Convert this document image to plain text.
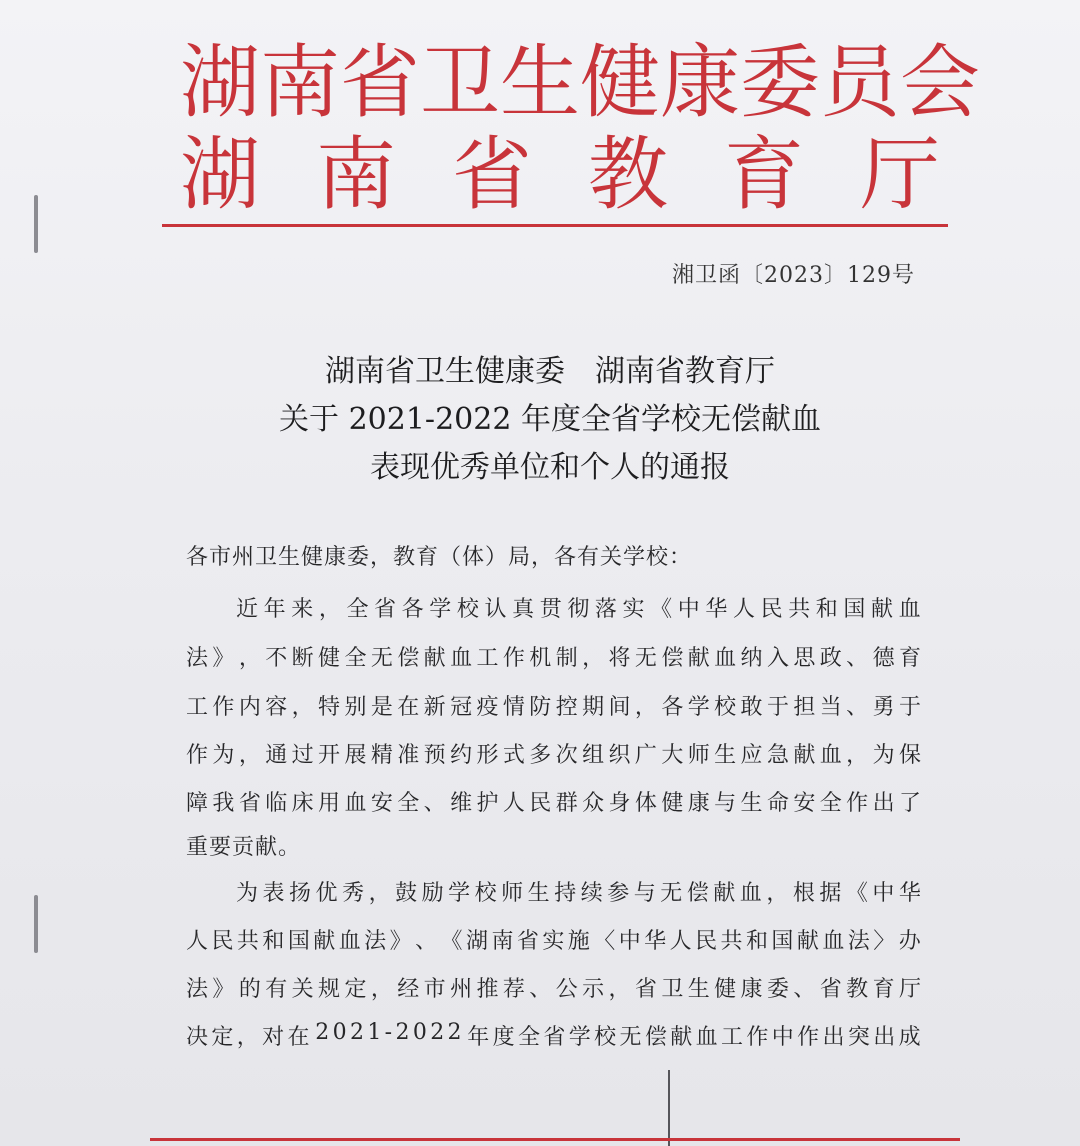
湖 南 省 卫 生 健 康 委 员 会
湖 南 省 教 育 厅
湘卫函〔2023〕129号
湖南省卫生健康委　湖南省教育厅
关于 2021-2022 年度全省学校无偿献血
表现优秀单位和个人的通报
各市州卫生健康委，教育（体）局，各有关学校：
近 年 来 ， 全 省 各 学 校 认 真 贯 彻 落 实 《 中 华 人 民 共 和 国 献 血
法 》 ， 不 断 健 全 无 偿 献 血 工 作 机 制 ， 将 无 偿 献 血 纳 入 思 政 、 德 育
工 作 内 容 ， 特 别 是 在 新 冠 疫 情 防 控 期 间 ， 各 学 校 敢 于 担 当 、 勇 于
作 为 ， 通 过 开 展 精 准 预 约 形 式 多 次 组 织 广 大 师 生 应 急 献 血 ， 为 保
障 我 省 临 床 用 血 安 全 、 维 护 人 民 群 众 身 体 健 康 与 生 命 安 全 作 出 了
重要贡献。
为 表 扬 优 秀 ， 鼓 励 学 校 师 生 持 续 参 与 无 偿 献 血 ， 根 据 《 中 华
人 民 共 和 国 献 血 法 》 、 《 湖 南 省 实 施 〈 中 华 人 民 共 和 国 献 血 法 〉 办
法 》 的 有 关 规 定 ， 经 市 州 推 荐 、 公 示 ， 省 卫 生 健 康 委 、 省 教 育 厅
决 定 ， 对 在 2 0 2 1 - 2 0 2 2 年 度 全 省 学 校 无 偿 献 血 工 作 中 作 出 突 出 成
